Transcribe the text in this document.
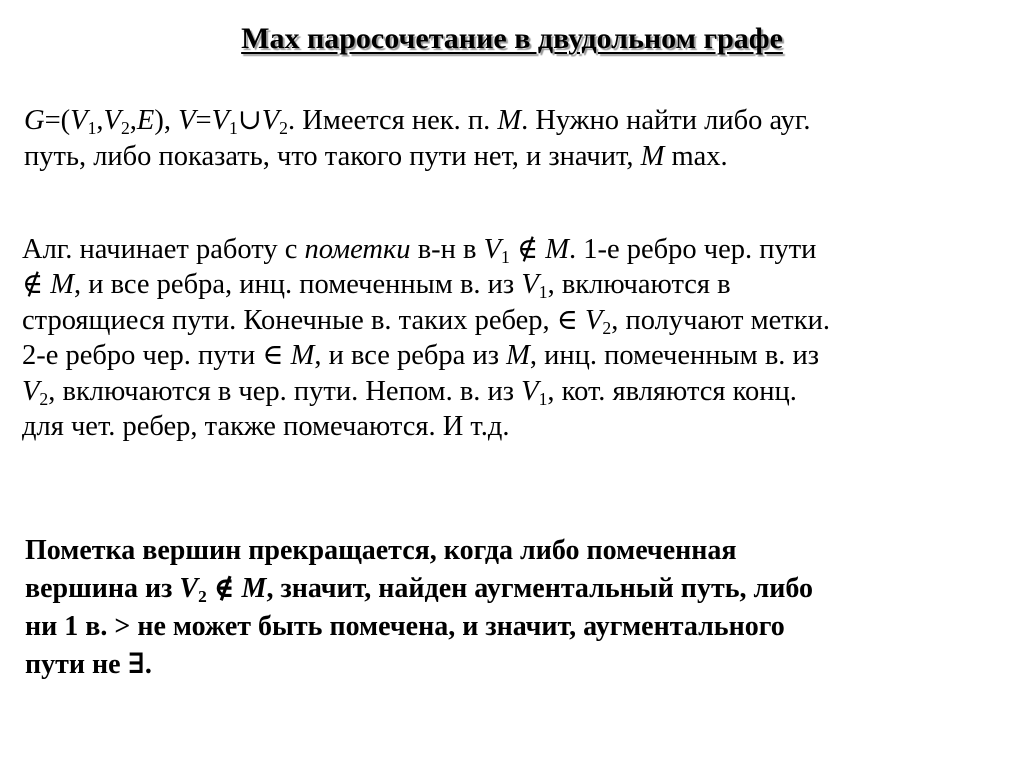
Max паросочетание в двудольном графе
$G=(V_1,V_2,E)$, $V=V_1\cup V_2$. Имеется нек. п. M. Нужно найти либо ауг.
путь, либо показать, что такого пути нет, и значит, M max.
Алг. начинает работу с пометки в-н в $V_1$ ∉ M. 1-е ребро чер. пути
∉ M, и все ребра, инц. помеченным в. из $V_1$, включаются в
строящиеся пути. Конечные в. таких ребер, ∈ $V_2$, получают метки.
2-е ребро чер. пути ∈ M, и все ребра из M, инц. помеченным в. из
$V_2$, включаются в чер. пути. Непом. в. из $V_1$, кот. являются конц.
для чет. ребер, также помечаются. И т.д.
Пометка вершин прекращается, когда либо помеченная
вершина из $V_2$ ∉ M, значит, найден аугментальный путь, либо
ни 1 в. > не может быть помечена, и значит, аугментального
пути не ∃.
